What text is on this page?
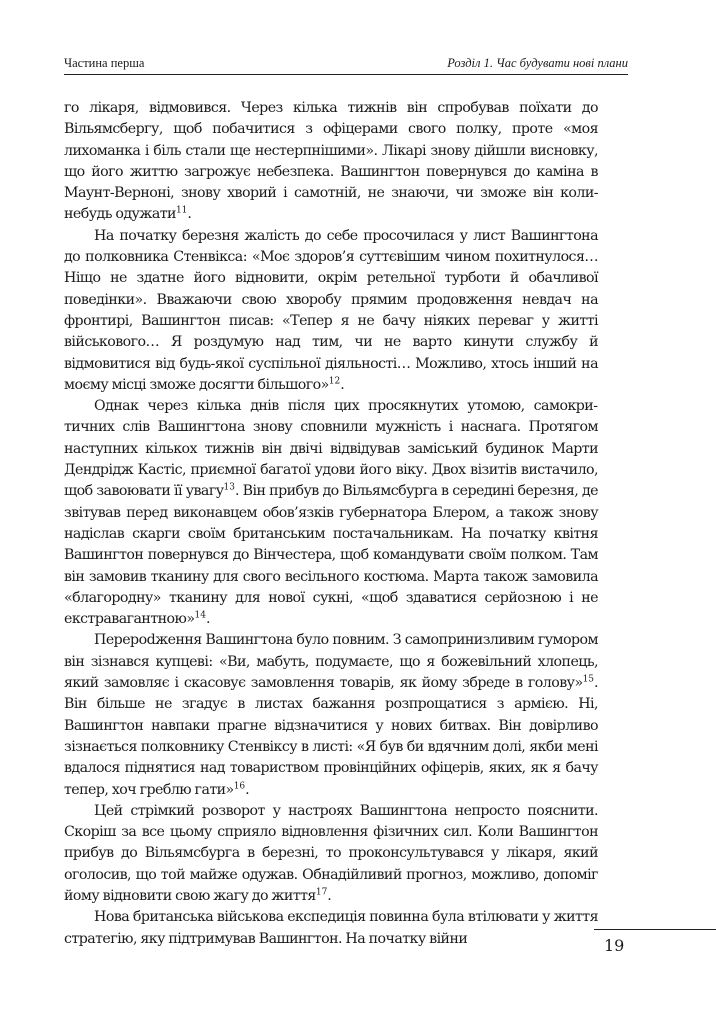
Частина перша	Розділ 1. Час будувати нові плани

го лікаря, відмовився. Через кілька тижнів він спробував поїхати до Вільямсбергу, щоб побачитися з офіцерами свого полку, проте «моя лихоманка і біль стали ще нестерпнішими». Лікарі знову дійшли висновку, що його життю загрожує небезпека. Вашингтон повернувся до каміна в Маунт-Верноні, знову хворий і самотній, не знаючи, чи зможе він коли-небудь одужати$^{11}$.

На початку березня жалість до себе просочилася у лист Вашингтона до полковника Стенвікса: «Моє здоров’я суттєвішим чином похитнулося… Ніщо не здатне його відновити, окрім ретельної турботи й обачливої поведінки». Вважаючи свою хворобу прямим продовження невдач на фронтирі, Вашингтон писав: «Тепер я не бачу ніяких переваг у житті військового… Я роздумую над тим, чи не варто кинути службу й відмовитися від будь-якої суспільної діяльності… Можливо, хтось інший на моєму місці зможе досягти більшого»$^{12}$.

Однак через кілька днів після цих просякнутих утомою, самокритичних слів Вашингтона знову сповнили мужність і наснага. Протягом наступних кількох тижнів він двічі відвідував заміський будинок Марти Дендрідж Кастіс, приємної багатої удови його віку. Двох візитів вистачило, щоб завоювати її увагу$^{13}$. Він прибув до Вільямсбурга в середині березня, де звітував перед виконавцем обов’язків губернатора Блером, а також знову надіслав скарги своїм британським постачальникам. На початку квітня Вашингтон повернувся до Вінчестера, щоб командувати своїм полком. Там він замовив тканину для свого весільного костюма. Марта також замовила «благородну» тканину для нової сукні, «щоб здаватися серйозною і не екстравагантною»$^{14}$.

Перерodження Вашингтона було повним. З самопринизливим гумором він зізнався купцеві: «Ви, мабуть, подумаєте, що я божевільний хлопець, який замовляє і скасовує замовлення товарів, як йому збреде в голову»$^{15}$. Він більше не згадує в листах бажання розпрощатися з армією. Ні, Вашингтон навпаки прагне відзначитися у нових битвах. Він довірливо зізнається полковнику Стенвіксу в листі: «Я був би вдячним долі, якби мені вдалося піднятися над товариством провінційних офіцерів, яких, як я бачу тепер, хоч греблю гати»$^{16}$.

Цей стрімкий розворот у настроях Вашингтона непросто пояснити. Скоріш за все цьому сприяло відновлення фізичних сил. Коли Вашингтон прибув до Вільямсбурга в березні, то проконсультувався у лікаря, який оголосив, що той майже одужав. Обнадійливий прогноз, можливо, допоміг йому відновити свою жагу до життя$^{17}$.

Нова британська військова експедиція повинна була втілювати у життя стратегію, яку підтримував Вашингтон. На початку війни	19
